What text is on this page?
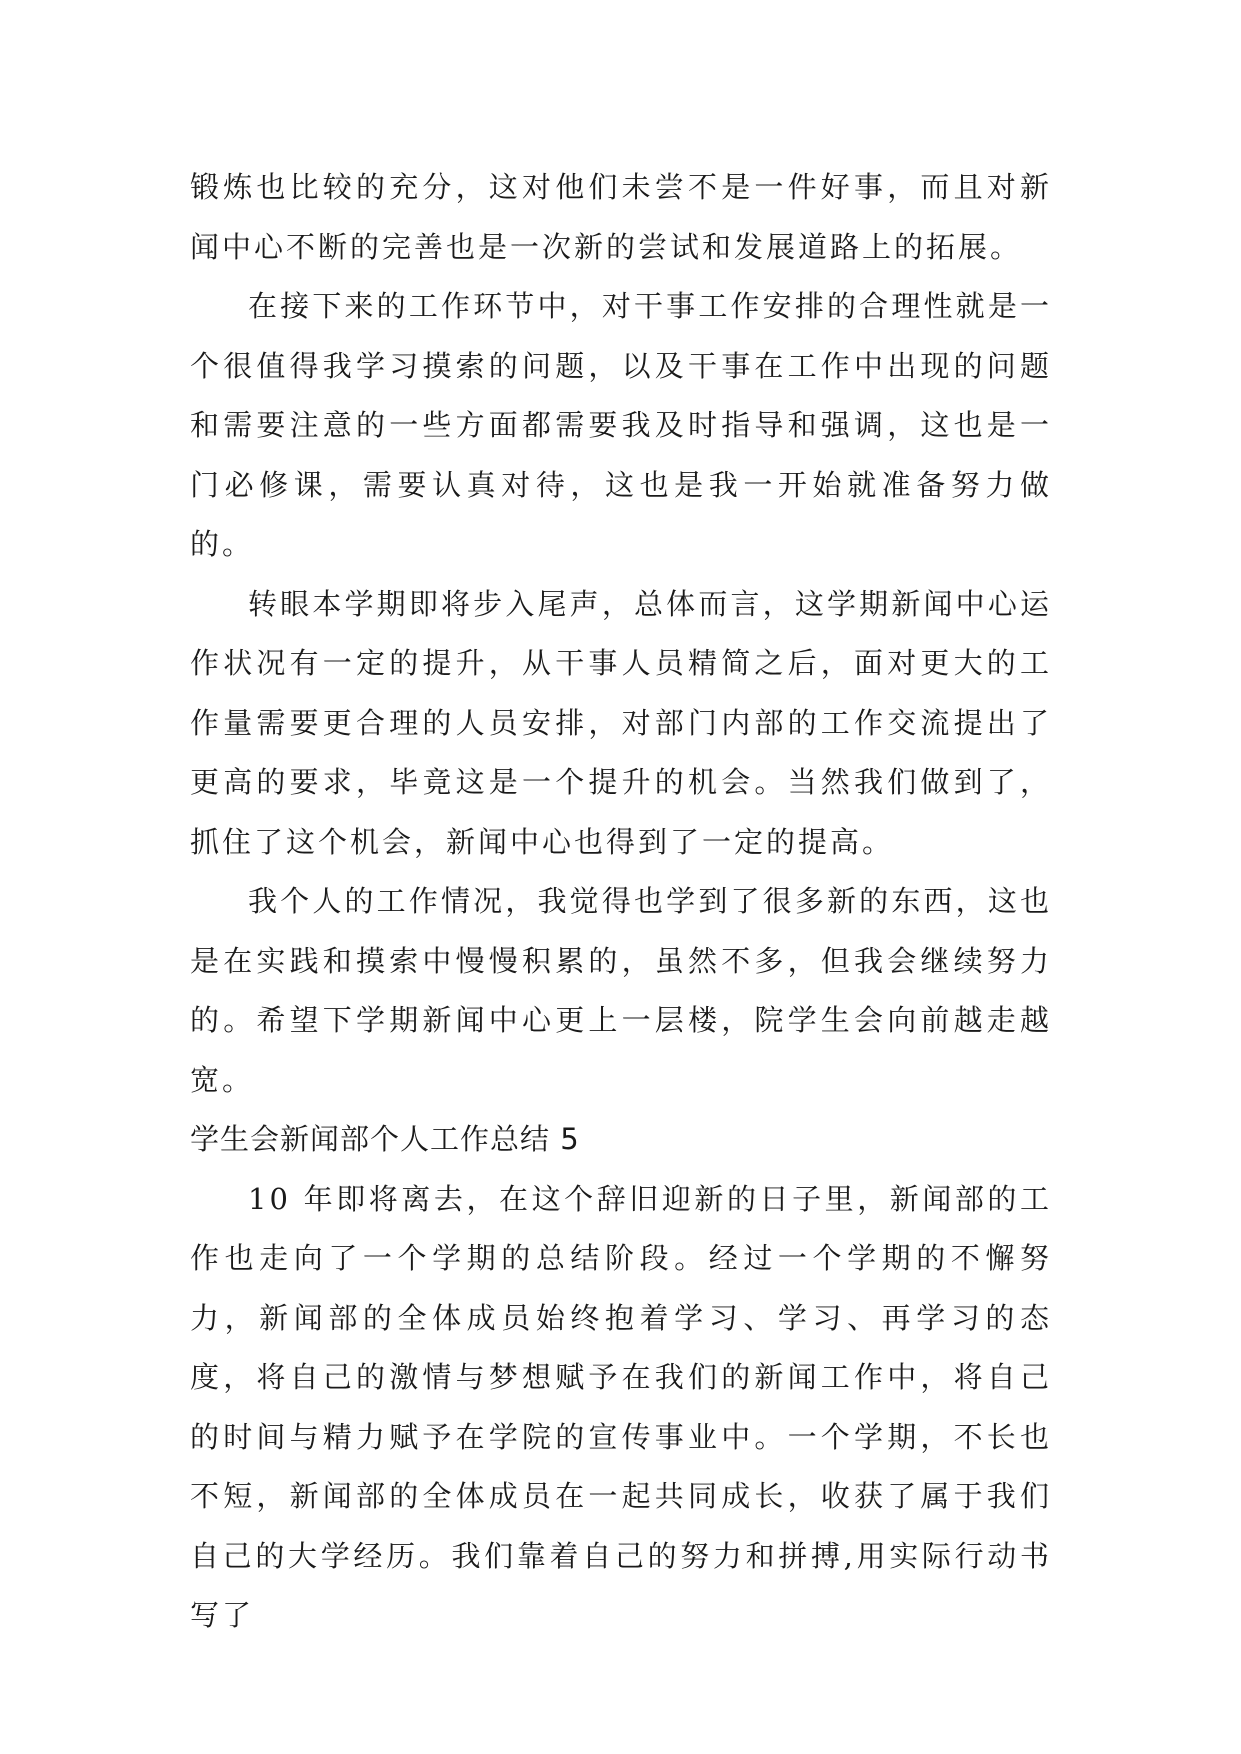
锻炼也比较的充分，这对他们未尝不是一件好事，而且对新闻中心不断的完善也是一次新的尝试和发展道路上的拓展。

在接下来的工作环节中，对干事工作安排的合理性就是一个很值得我学习摸索的问题，以及干事在工作中出现的问题和需要注意的一些方面都需要我及时指导和强调，这也是一门必修课，需要认真对待，这也是我一开始就准备努力做的。

转眼本学期即将步入尾声，总体而言，这学期新闻中心运作状况有一定的提升，从干事人员精简之后，面对更大的工作量需要更合理的人员安排，对部门内部的工作交流提出了更高的要求，毕竟这是一个提升的机会。当然我们做到了，抓住了这个机会，新闻中心也得到了一定的提高。

我个人的工作情况，我觉得也学到了很多新的东西，这也是在实践和摸索中慢慢积累的，虽然不多，但我会继续努力的。希望下学期新闻中心更上一层楼，院学生会向前越走越宽。

学生会新闻部个人工作总结 5

10 年即将离去，在这个辞旧迎新的日子里，新闻部的工作也走向了一个学期的总结阶段。经过一个学期的不懈努力，新闻部的全体成员始终抱着学习、学习、再学习的态度，将自己的激情与梦想赋予在我们的新闻工作中，将自己的时间与精力赋予在学院的宣传事业中。一个学期，不长也不短，新闻部的全体成员在一起共同成长，收获了属于我们自己的大学经历。我们靠着自己的努力和拼搏,用实际行动书写了
